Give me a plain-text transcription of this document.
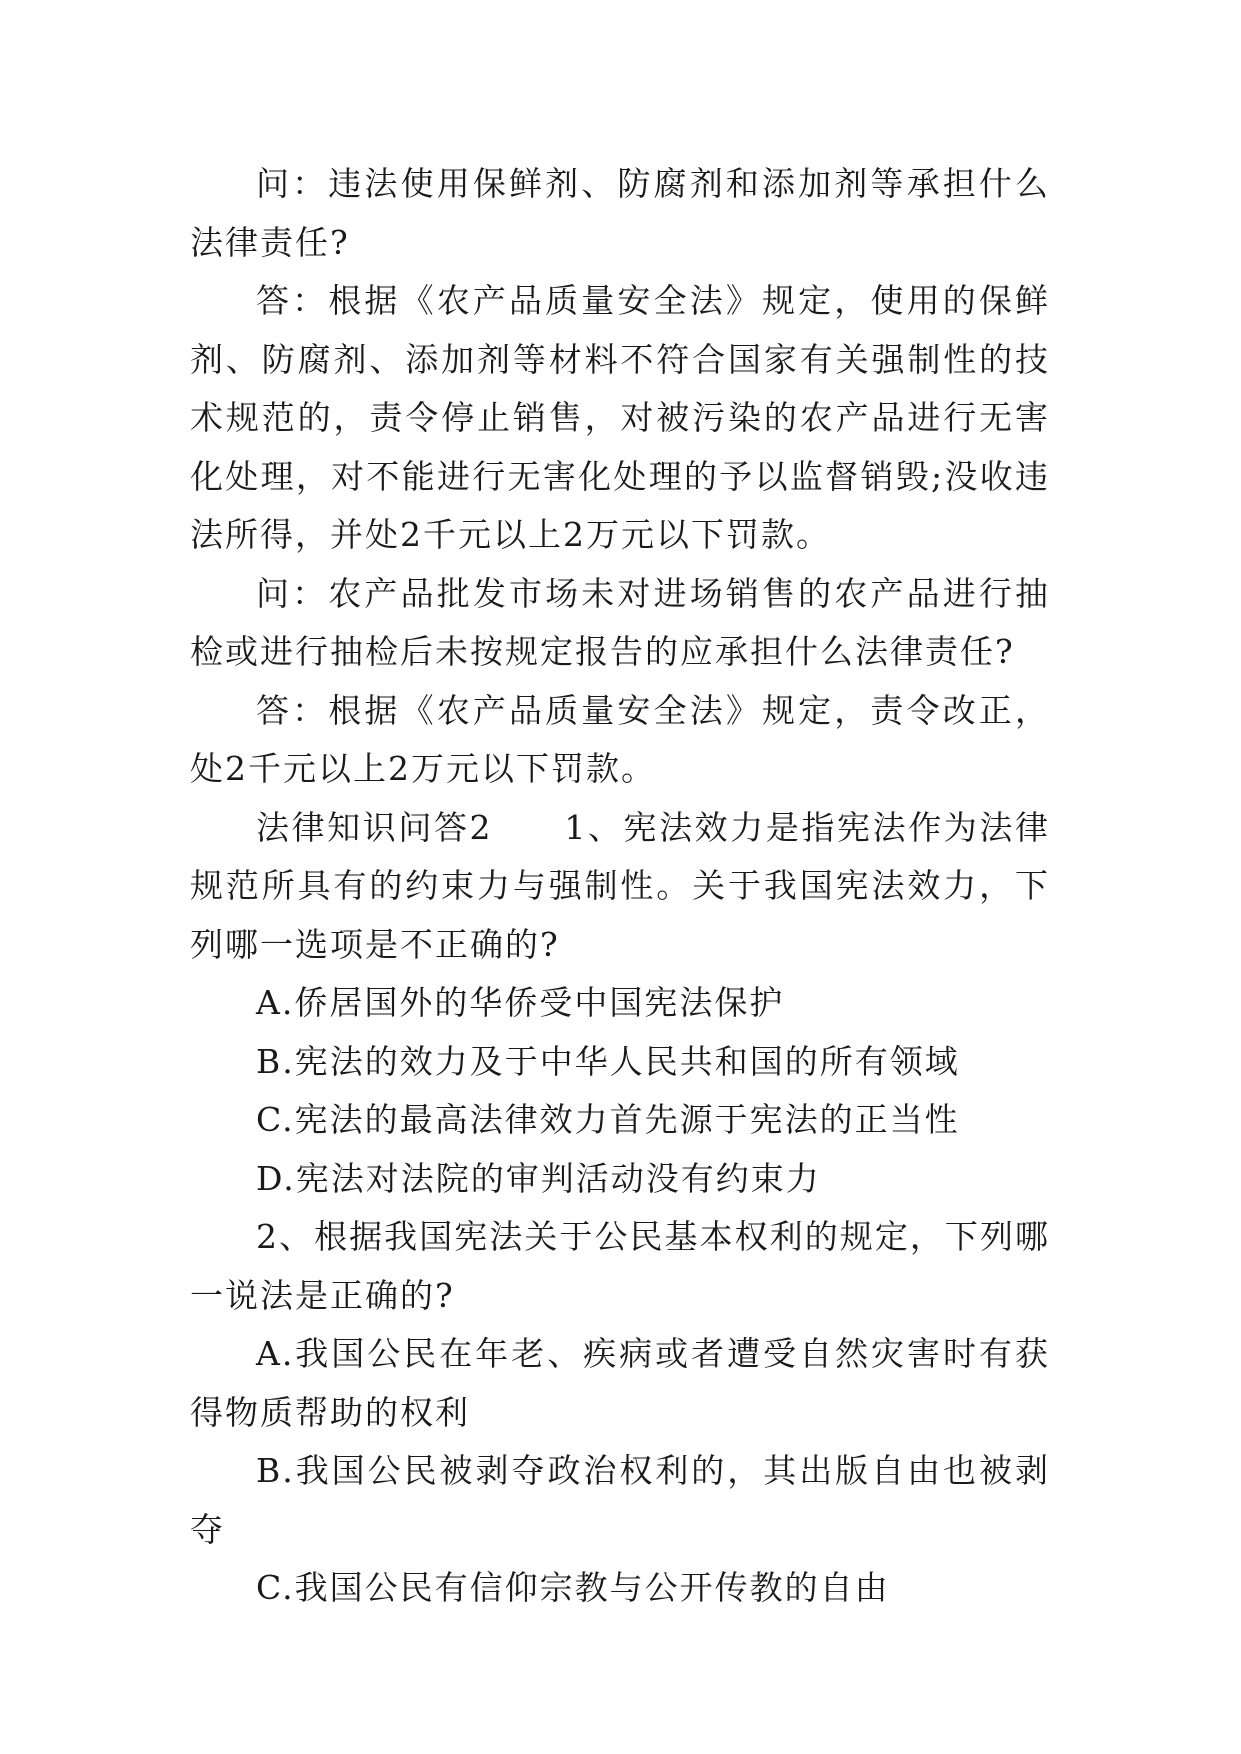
问：违法使用保鲜剂、防腐剂和添加剂等承担什么法律责任?

答：根据《农产品质量安全法》规定，使用的保鲜剂、防腐剂、添加剂等材料不符合国家有关强制性的技术规范的，责令停止销售，对被污染的农产品进行无害化处理，对不能进行无害化处理的予以监督销毁;没收违法所得，并处2千元以上2万元以下罚款。

问：农产品批发市场未对进场销售的农产品进行抽检或进行抽检后未按规定报告的应承担什么法律责任?

答：根据《农产品质量安全法》规定，责令改正，处2千元以上2万元以下罚款。

法律知识问答2　　1、宪法效力是指宪法作为法律规范所具有的约束力与强制性。关于我国宪法效力，下列哪一选项是不正确的?

A.侨居国外的华侨受中国宪法保护

B.宪法的效力及于中华人民共和国的所有领域

C.宪法的最高法律效力首先源于宪法的正当性

D.宪法对法院的审判活动没有约束力

2、根据我国宪法关于公民基本权利的规定，下列哪一说法是正确的?

A.我国公民在年老、疾病或者遭受自然灾害时有获得物质帮助的权利

B.我国公民被剥夺政治权利的，其出版自由也被剥夺

C.我国公民有信仰宗教与公开传教的自由
